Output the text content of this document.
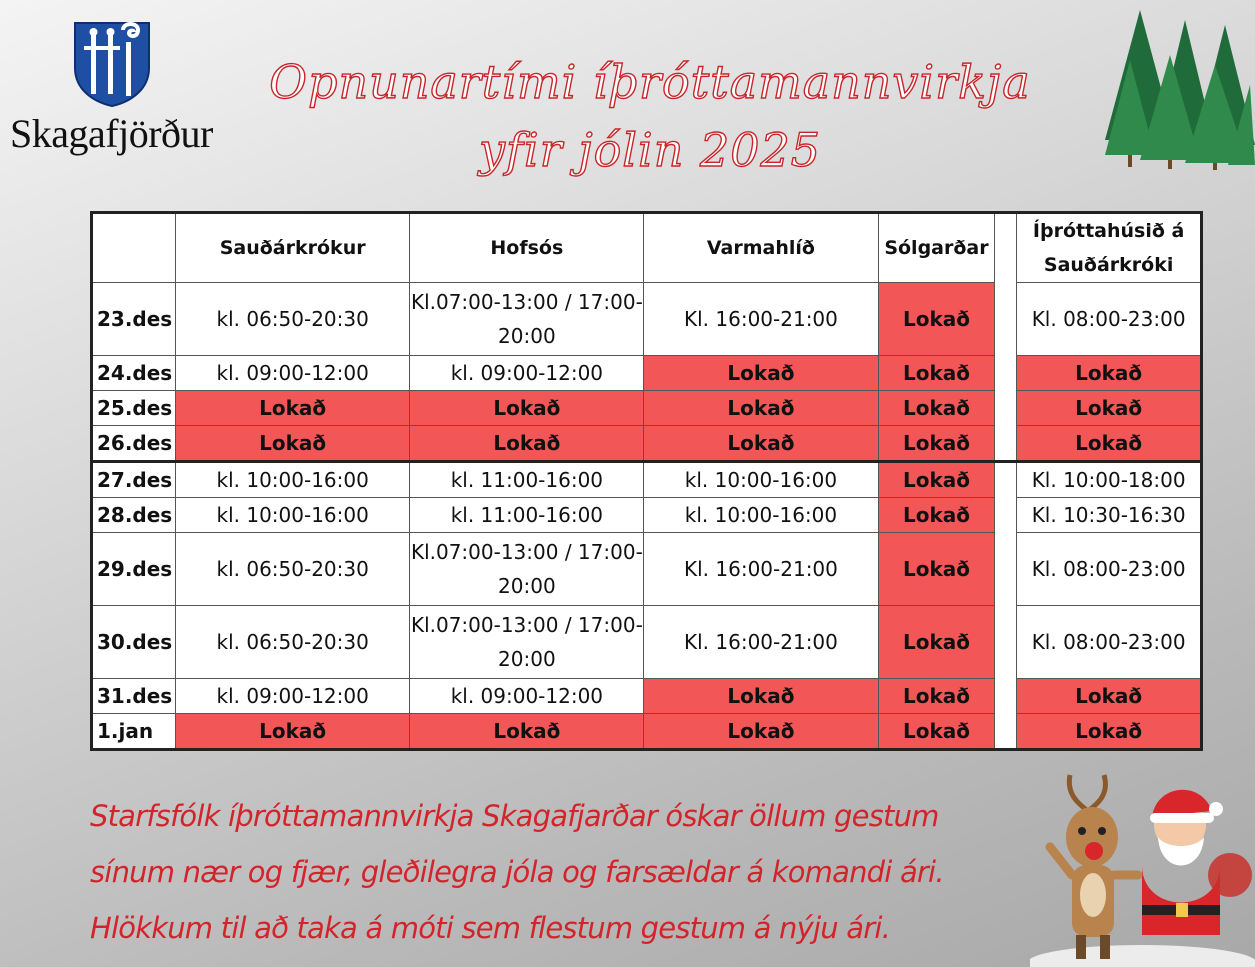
Skagafjörður
Opnunartími íþróttamannvirkja
yfir jólin 2025
	Sauðárkrókur	Hofsós	Varmahlíð	Sólgarðar		Íþróttahúsið á Sauðárkróki
23.des	kl. 06:50-20:30	Kl.07:00-13:00 / 17:00-20:00	Kl. 16:00-21:00	Lokað		Kl. 08:00-23:00
24.des	kl. 09:00-12:00	kl. 09:00-12:00	Lokað	Lokað		Lokað
25.des	Lokað	Lokað	Lokað	Lokað		Lokað
26.des	Lokað	Lokað	Lokað	Lokað		Lokað
27.des	kl. 10:00-16:00	kl. 11:00-16:00	kl. 10:00-16:00	Lokað		Kl. 10:00-18:00
28.des	kl. 10:00-16:00	kl. 11:00-16:00	kl. 10:00-16:00	Lokað		Kl. 10:30-16:30
29.des	kl. 06:50-20:30	Kl.07:00-13:00 / 17:00-20:00	Kl. 16:00-21:00	Lokað		Kl. 08:00-23:00
30.des	kl. 06:50-20:30	Kl.07:00-13:00 / 17:00-20:00	Kl. 16:00-21:00	Lokað		Kl. 08:00-23:00
31.des	kl. 09:00-12:00	kl. 09:00-12:00	Lokað	Lokað		Lokað
1.jan	Lokað	Lokað	Lokað	Lokað		Lokað
Starfsfólk íþróttamannvirkja Skagafjarðar óskar öllum gestum
sínum nær og fjær, gleðilegra jóla og farsældar á komandi ári.
Hlökkum til að taka á móti sem flestum gestum á nýju ári.
